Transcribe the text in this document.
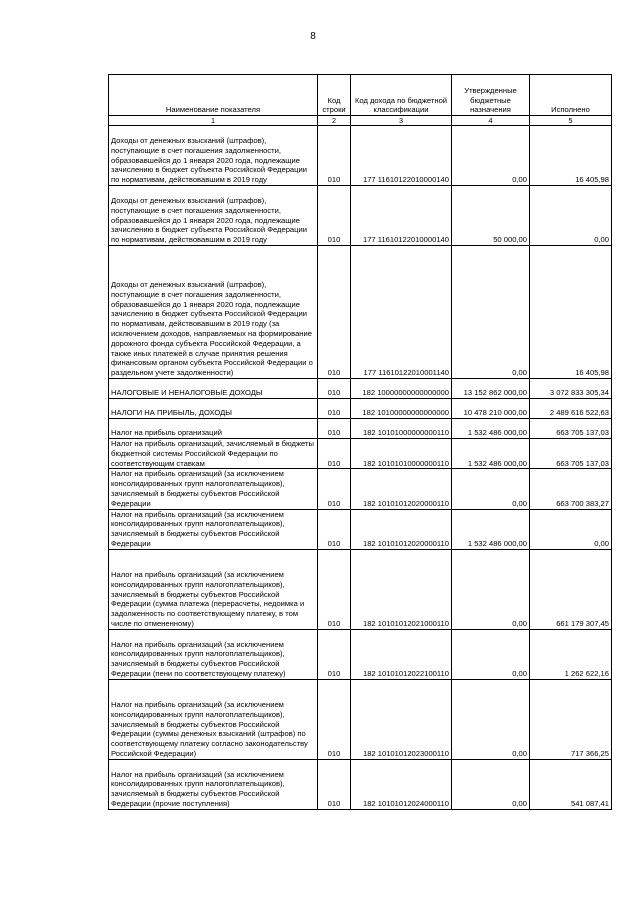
8
Наименование показателя	Код строки	Код дохода по бюджетной классификации	Утвержденные бюджетные назначения	Исполнено
1	2	3	4	5
Доходы от денежных взысканий (штрафов), поступающие в счет погашения задолженности, образовавшейся до 1 января 2020 года, подлежащие зачислению в бюджет субъекта Российской Федерации по нормативам, действовавшим в 2019 году	010	177 11610122010000140	0,00	16 405,98
Доходы от денежных взысканий (штрафов), поступающие в счет погашения задолженности, образовавшейся до 1 января 2020 года, подлежащие зачислению в бюджет субъекта Российской Федерации по нормативам, действовавшим в 2019 году	010	177 11610122010000140	50 000,00	0,00
Доходы от денежных взысканий (штрафов), поступающие в счет погашения задолженности, образовавшейся до 1 января 2020 года, подлежащие зачислению в бюджет субъекта Российской Федерации по нормативам, действовавшим в 2019 году (за исключением доходов, направляемых на формирование дорожного фонда субъекта Российской Федерации, а также иных платежей в случае принятия решения финансовым органом субъекта Российской Федерации о раздельном учете задолженности)	010	177 11610122010001140	0,00	16 405,98
НАЛОГОВЫЕ И НЕНАЛОГОВЫЕ ДОХОДЫ	010	182 10000000000000000	13 152 862 000,00	3 072 833 305,34
НАЛОГИ НА ПРИБЫЛЬ, ДОХОДЫ	010	182 10100000000000000	10 478 210 000,00	2 489 616 522,63
Налог на прибыль организаций	010	182 10101000000000110	1 532 486 000,00	663 705 137,03
Налог на прибыль организаций, зачисляемый в бюджеты бюджетной системы Российской Федерации по соответствующим ставкам	010	182 10101010000000110	1 532 486 000,00	663 705 137,03
Налог на прибыль организаций (за исключением консолидированных групп налогоплательщиков), зачисляемый в бюджеты субъектов Российской Федерации	010	182 10101012020000110	0,00	663 700 383,27
Налог на прибыль организаций (за исключением консолидированных групп налогоплательщиков), зачисляемый в бюджеты субъектов Российской Федерации	010	182 10101012020000110	1 532 486 000,00	0,00
Налог на прибыль организаций (за исключением консолидированных групп налогоплательщиков), зачисляемый в бюджеты субъектов Российской Федерации (сумма платежа (перерасчеты, недоимка и задолженность по соответствующему платежу, в том числе по отмененному)	010	182 10101012021000110	0,00	661 179 307,45
Налог на прибыль организаций (за исключением консолидированных групп налогоплательщиков), зачисляемый в бюджеты субъектов Российской Федерации (пени по соответствующему платежу)	010	182 10101012022100110	0,00	1 262 622,16
Налог на прибыль организаций (за исключением консолидированных групп налогоплательщиков), зачисляемый в бюджеты субъектов Российской Федерации (суммы денежных взысканий (штрафов) по соответствующему платежу согласно законодательству Российской Федерации)	010	182 10101012023000110	0,00	717 366,25
Налог на прибыль организаций (за исключением консолидированных групп налогоплательщиков), зачисляемый в бюджеты субъектов Российской Федерации (прочие поступления)	010	182 10101012024000110	0,00	541 087,41
